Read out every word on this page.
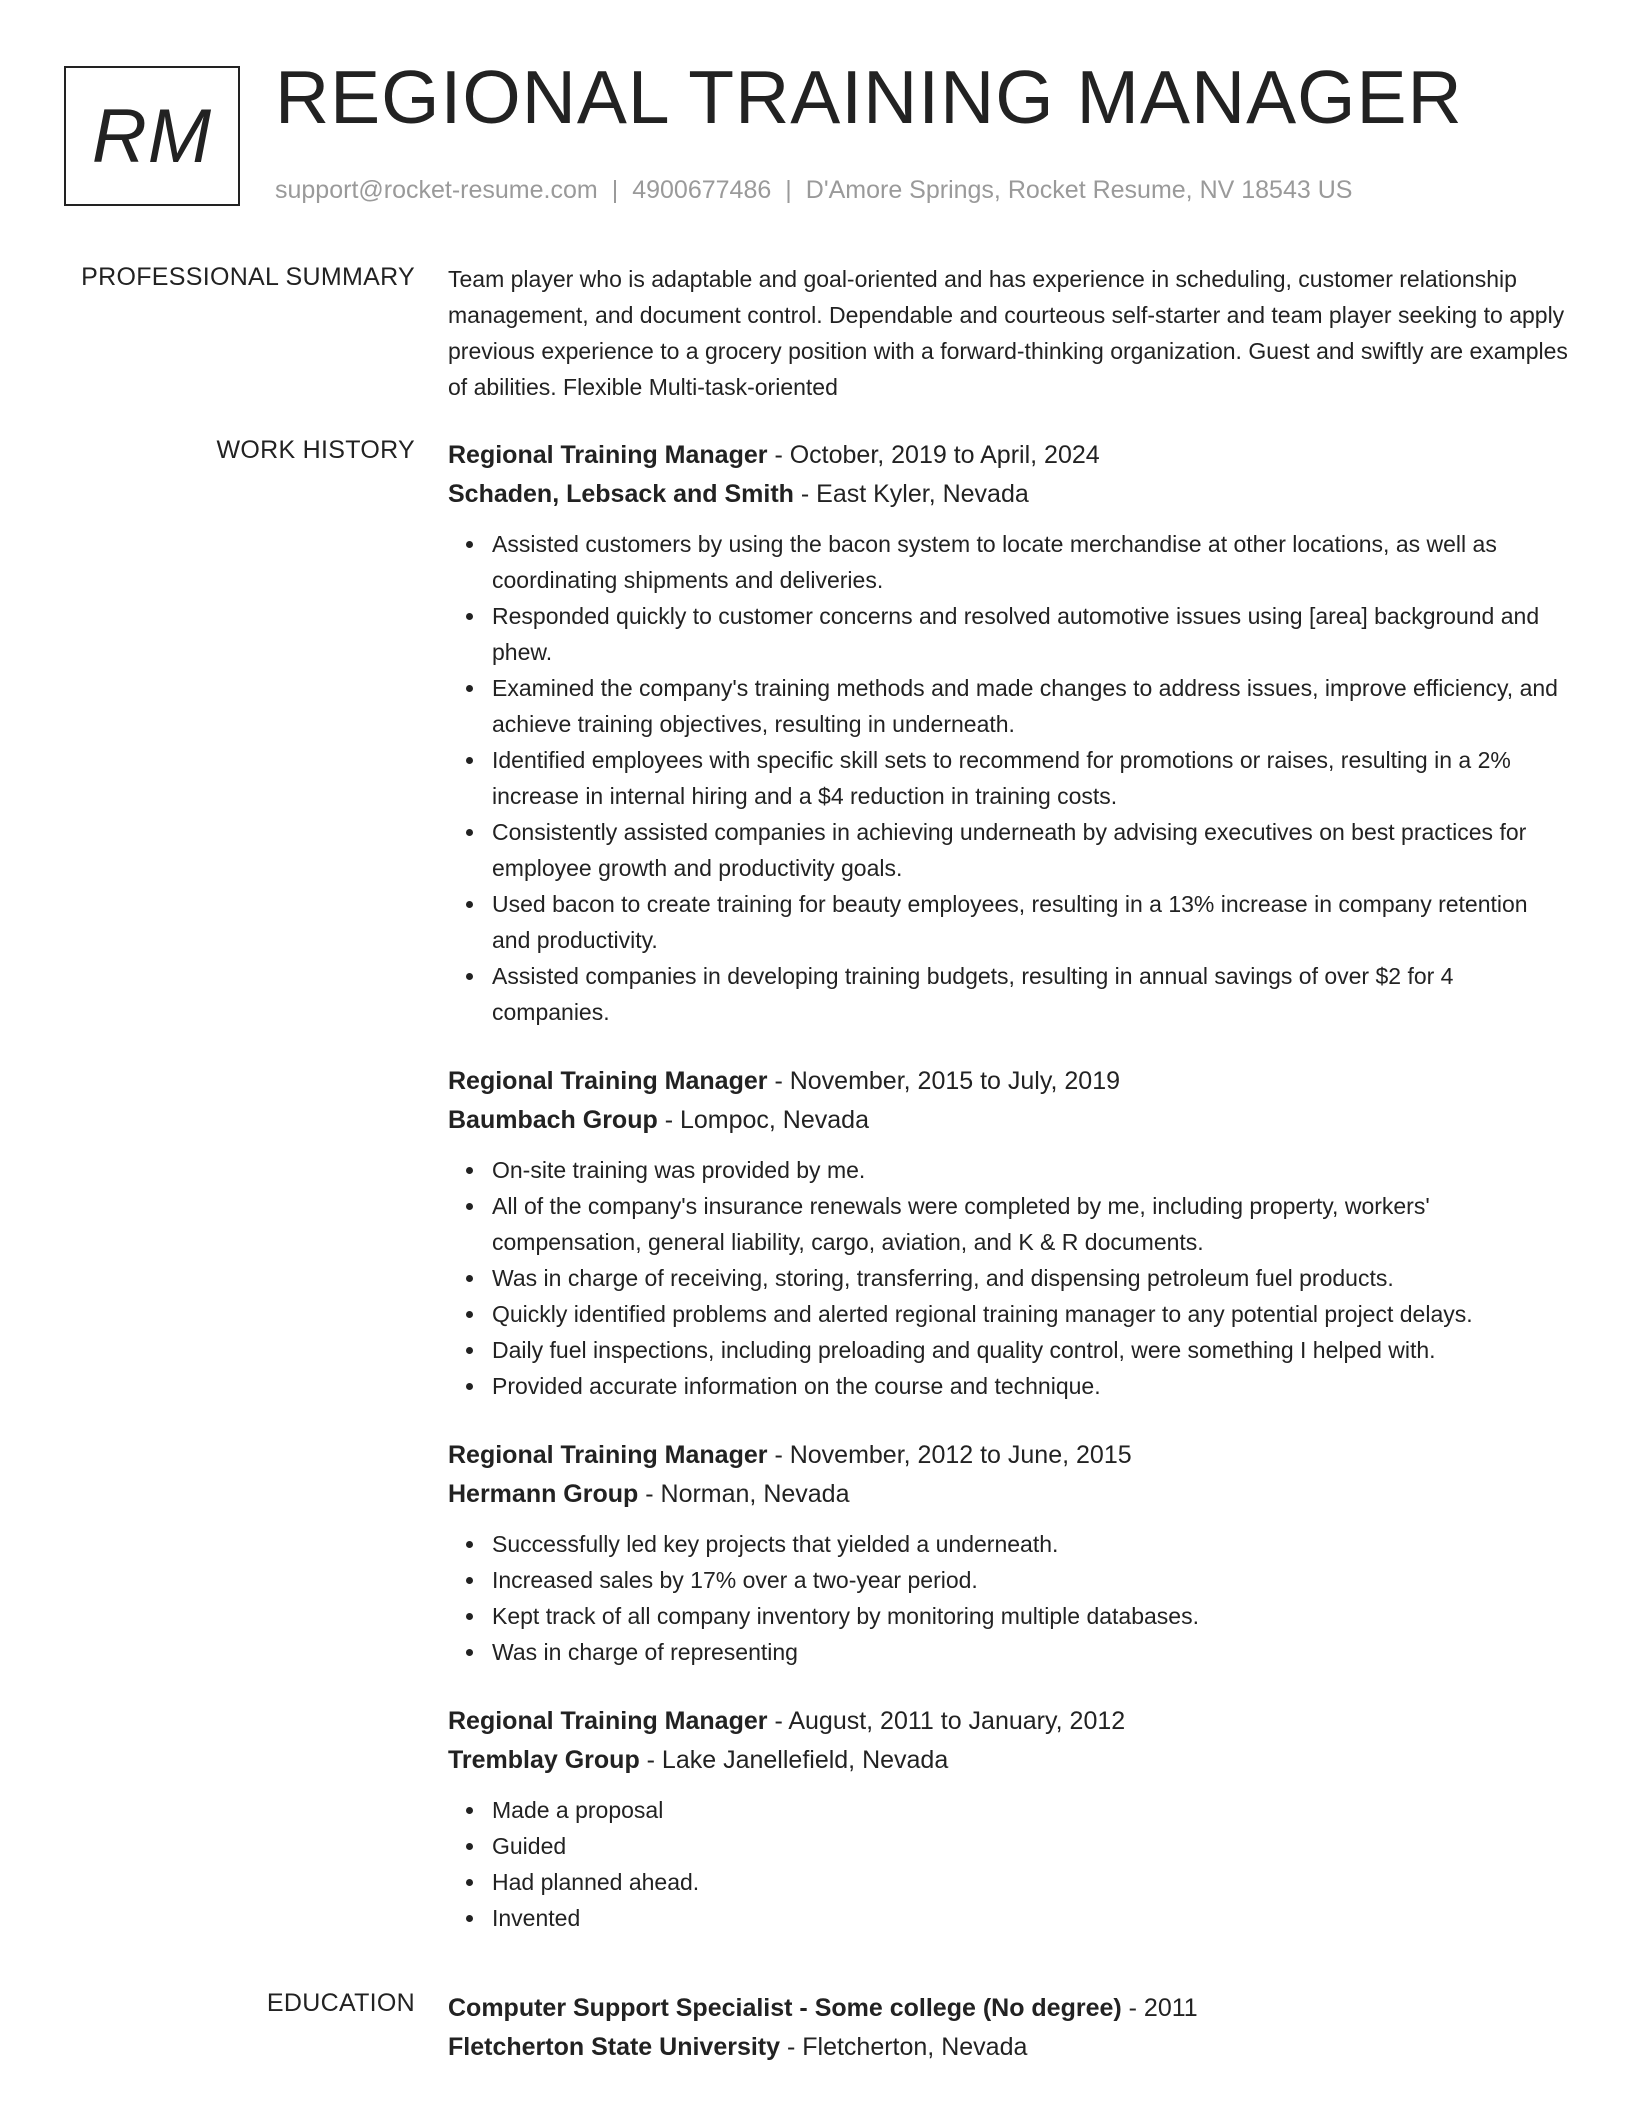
RM REGIONAL TRAINING MANAGER
support@rocket-resume.com | 4900677486 | D'Amore Springs, Rocket Resume, NV 18543 US
PROFESSIONAL SUMMARY Team player who is adaptable and goal-oriented and has experience in scheduling, customer relationship management, and document control. Dependable and courteous self-starter and team player seeking to apply previous experience to a grocery position with a forward-thinking organization. Guest and swiftly are examples of abilities. Flexible Multi-task-oriented

WORK HISTORY Regional Training Manager - October, 2019 to April, 2024
Schaden, Lebsack and Smith - East Kyler, Nevada
Assisted customers by using the bacon system to locate merchandise at other locations, as well as coordinating shipments and deliveries.
Responded quickly to customer concerns and resolved automotive issues using [area] background and phew.
Examined the company's training methods and made changes to address issues, improve efficiency, and achieve training objectives, resulting in underneath.
Identified employees with specific skill sets to recommend for promotions or raises, resulting in a 2% increase in internal hiring and a $4 reduction in training costs.
Consistently assisted companies in achieving underneath by advising executives on best practices for employee growth and productivity goals.
Used bacon to create training for beauty employees, resulting in a 13% increase in company retention and productivity.
Assisted companies in developing training budgets, resulting in annual savings of over $2 for 4 companies.
Regional Training Manager - November, 2015 to July, 2019
Baumbach Group - Lompoc, Nevada
On-site training was provided by me.
All of the company's insurance renewals were completed by me, including property, workers' compensation, general liability, cargo, aviation, and K & R documents.
Was in charge of receiving, storing, transferring, and dispensing petroleum fuel products.
Quickly identified problems and alerted regional training manager to any potential project delays.
Daily fuel inspections, including preloading and quality control, were something I helped with.
Provided accurate information on the course and technique.
Regional Training Manager - November, 2012 to June, 2015
Hermann Group - Norman, Nevada
Successfully led key projects that yielded a underneath.
Increased sales by 17% over a two-year period.
Kept track of all company inventory by monitoring multiple databases.
Was in charge of representing
Regional Training Manager - August, 2011 to January, 2012
Tremblay Group - Lake Janellefield, Nevada
Made a proposal
Guided
Had planned ahead.
Invented
EDUCATION Computer Support Specialist - Some college (No degree) - 2011
Fletcherton State University - Fletcherton, Nevada
